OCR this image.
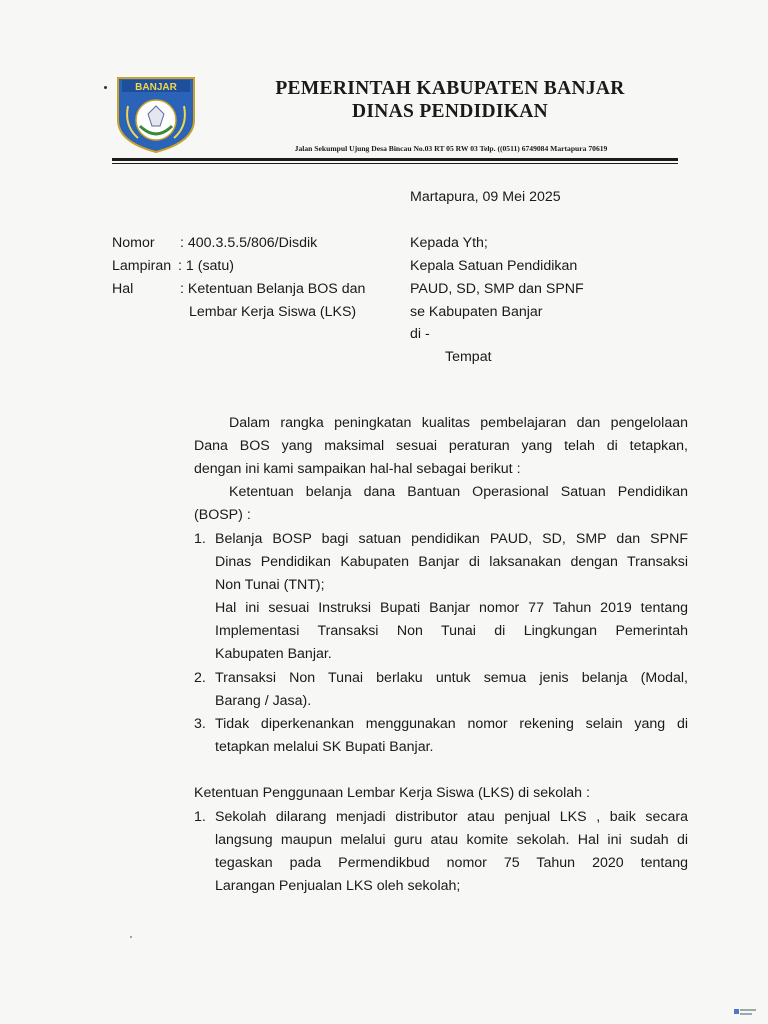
BANJAR	PEMERINTAH KABUPATEN BANJAR
DINAS PENDIDIKAN
Jalan Sekumpul Ujung Desa Bincau No.03 RT 05 RW 03 Telp. ((0511) 6749084 Martapura 70619
Martapura, 09 Mei 2025
Nomor : 400.3.5.5/806/Disdik
Lampiran : 1 (satu)
Hal	: Ketentuan Belanja BOS dan
Lembar Kerja Siswa (LKS)
Kepada Yth;
Kepala Satuan Pendidikan
PAUD, SD, SMP dan SPNF
se Kabupaten Banjar
di -
Tempat
Dalam rangka peningkatan kualitas pembelajaran dan pengelolaan
Dana BOS yang maksimal sesuai peraturan yang telah di tetapkan,
dengan ini kami sampaikan hal-hal sebagai berikut :
Ketentuan belanja dana Bantuan Operasional Satuan Pendidikan
(BOSP) :
1. Belanja BOSP bagi satuan pendidikan PAUD, SD, SMP dan SPNF
Dinas Pendidikan Kabupaten Banjar di laksanakan dengan Transaksi
Non Tunai (TNT);
Hal ini sesuai Instruksi Bupati Banjar nomor 77 Tahun 2019 tentang
Implementasi Transaksi Non Tunai di Lingkungan Pemerintah
Kabupaten Banjar.
2. Transaksi Non Tunai berlaku untuk semua jenis belanja (Modal,
Barang / Jasa).
3. Tidak diperkenankan menggunakan nomor rekening selain yang di
tetapkan melalui SK Bupati Banjar.
Ketentuan Penggunaan Lembar Kerja Siswa (LKS) di sekolah :
1. Sekolah dilarang menjadi distributor atau penjual LKS , baik secara
langsung maupun melalui guru atau komite sekolah. Hal ini sudah di
tegaskan pada Permendikbud nomor 75 Tahun 2020 tentang
Larangan Penjualan LKS oleh sekolah;
